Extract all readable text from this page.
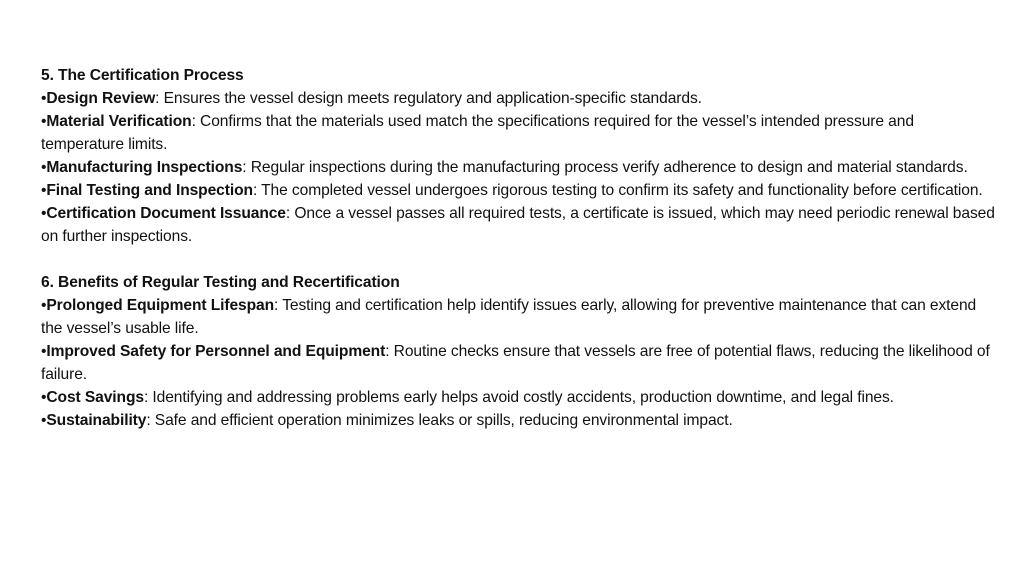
5. The Certification Process

•Design Review: Ensures the vessel design meets regulatory and application-specific standards.

•Material Verification: Confirms that the materials used match the specifications required for the vessel’s intended pressure and temperature limits.

•Manufacturing Inspections: Regular inspections during the manufacturing process verify adherence to design and material standards.

•Final Testing and Inspection: The completed vessel undergoes rigorous testing to confirm its safety and functionality before certification.

•Certification Document Issuance: Once a vessel passes all required tests, a certificate is issued, which may need periodic renewal based on further inspections.

6. Benefits of Regular Testing and Recertification

•Prolonged Equipment Lifespan: Testing and certification help identify issues early, allowing for preventive maintenance that can extend the vessel’s usable life.

•Improved Safety for Personnel and Equipment: Routine checks ensure that vessels are free of potential flaws, reducing the likelihood of failure.

•Cost Savings: Identifying and addressing problems early helps avoid costly accidents, production downtime, and legal fines.

•Sustainability: Safe and efficient operation minimizes leaks or spills, reducing environmental impact.
